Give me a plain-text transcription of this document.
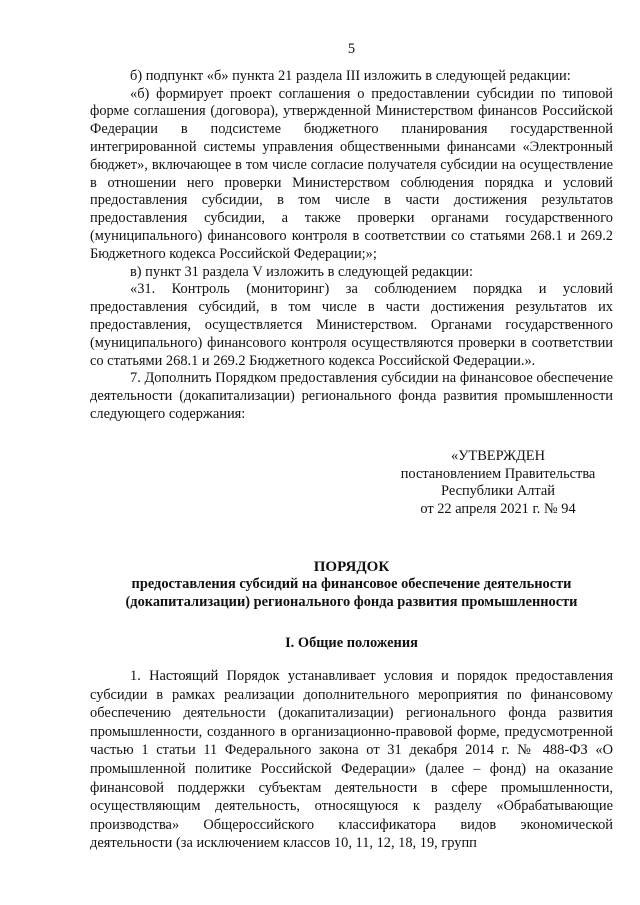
5

б) подпункт «б» пункта 21 раздела III изложить в следующей редакции:

«б) формирует проект соглашения о предоставлении субсидии по типовой форме соглашения (договора), утвержденной Министерством финансов Российской Федерации в подсистеме бюджетного планирования государственной интегрированной системы управления общественными финансами «Электронный бюджет», включающее в том числе согласие получателя субсидии на осуществление в отношении него проверки Министерством соблюдения порядка и условий предоставления субсидии, в том числе в части достижения результатов предоставления субсидии, а также проверки органами государственного (муниципального) финансового контроля в соответствии со статьями 268.1 и 269.2 Бюджетного кодекса Российской Федерации;»;

в) пункт 31 раздела V изложить в следующей редакции:

«31. Контроль (мониторинг) за соблюдением порядка и условий предоставления субсидий, в том числе в части достижения результатов их предоставления, осуществляется Министерством. Органами государственного (муниципального) финансового контроля осуществляются проверки в соответствии со статьями 268.1 и 269.2 Бюджетного кодекса Российской Федерации.».

7. Дополнить Порядком предоставления субсидии на финансовое обеспечение деятельности (докапитализации) регионального фонда развития промышленности следующего содержания:

«УТВЕРЖДЕН
постановлением Правительства
Республики Алтай
от 22 апреля 2021 г. № 94
ПОРЯДОК
предоставления субсидий на финансовое обеспечение деятельности
(докапитализации) регионального фонда развития промышленности
I. Общие положения

1. Настоящий Порядок устанавливает условия и порядок предоставления субсидии в рамках реализации дополнительного мероприятия по финансовому обеспечению деятельности (докапитализации) регионального фонда развития промышленности, созданного в организационно-правовой форме, предусмотренной частью 1 статьи 11 Федерального закона от 31 декабря 2014 г. № 488-ФЗ «О промышленной политике Российской Федерации» (далее – фонд) на оказание финансовой поддержки субъектам деятельности в сфере промышленности, осуществляющим деятельность, относящуюся к разделу «Обрабатывающие производства» Общероссийского классификатора видов экономической деятельности (за исключением классов 10, 11, 12, 18, 19, групп
